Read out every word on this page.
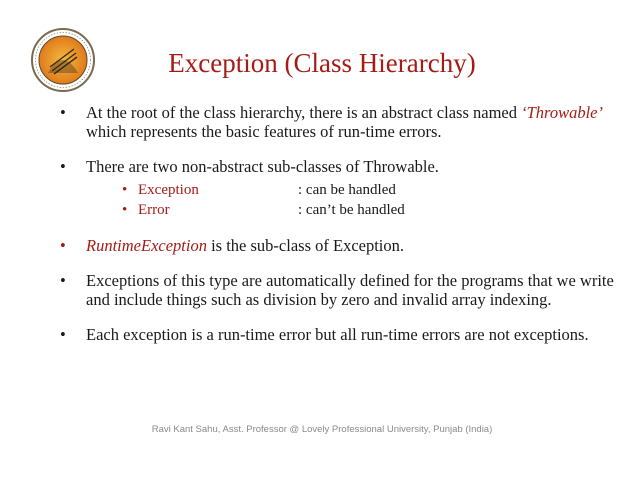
Exception (Class Hierarchy)
• At the root of the class hierarchy, there is an abstract class named ‘Throwable’ which represents the basic features of run-time errors.
• There are two non-abstract sub-classes of Throwable.
• Exception	: can be handled
• Error	: can’t be handled
• RuntimeException is the sub-class of Exception.
• Exceptions of this type are automatically defined for the programs that we write and include things such as division by zero and invalid array indexing.
• Each exception is a run-time error but all run-time errors are not exceptions.
Ravi Kant Sahu, Asst. Professor @ Lovely Professional University, Punjab (India)
